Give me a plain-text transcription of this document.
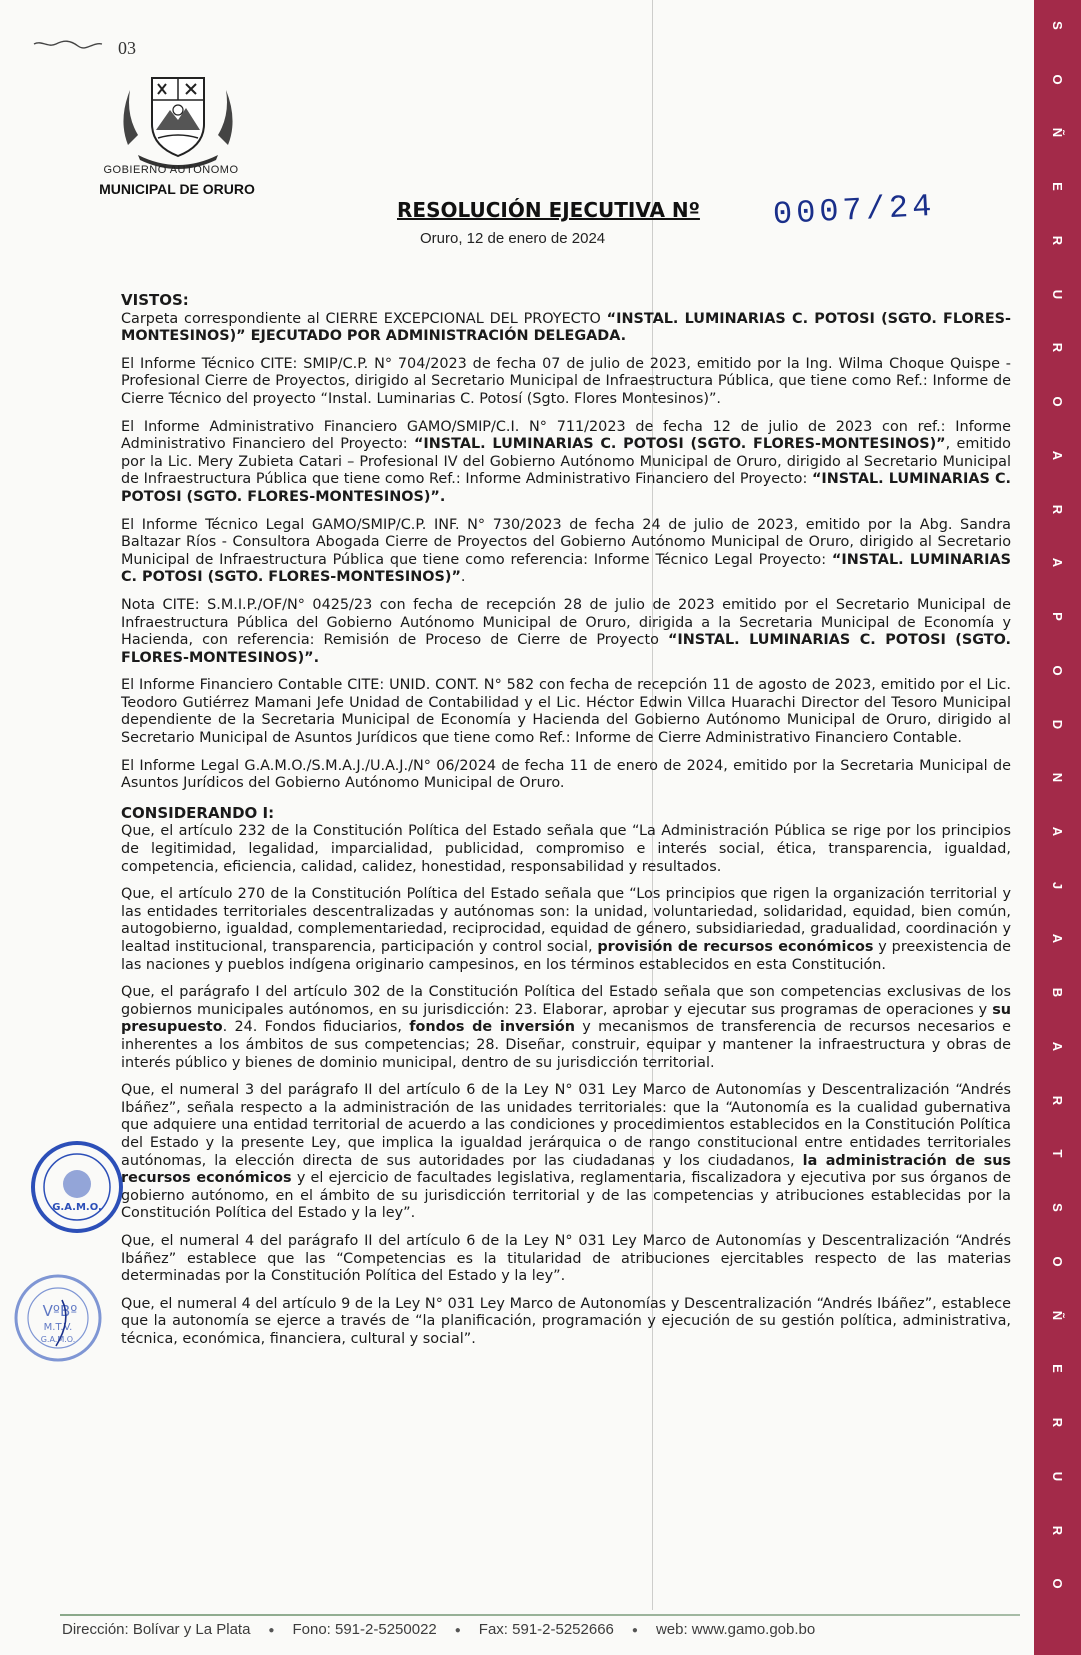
03
GOBIERNO AUTÓNOMO
MUNICIPAL DE ORURO
RESOLUCIÓN EJECUTIVA Nº 0007/24
Oruro, 12 de enero de 2024
VISTOS:

Carpeta correspondiente al CIERRE EXCEPCIONAL DEL PROYECTO “INSTAL. LUMINARIAS C. POTOSI (SGTO. FLORES-MONTESINOS)” EJECUTADO POR ADMINISTRACIÓN DELEGADA.

El Informe Técnico CITE: SMIP/C.P. N° 704/2023 de fecha 07 de julio de 2023, emitido por la Ing. Wilma Choque Quispe - Profesional Cierre de Proyectos, dirigido al Secretario Municipal de Infraestructura Pública, que tiene como Ref.: Informe de Cierre Técnico del proyecto “Instal. Luminarias C. Potosí (Sgto. Flores Montesinos)”.

El Informe Administrativo Financiero GAMO/SMIP/C.I. N° 711/2023 de fecha 12 de julio de 2023 con ref.: Informe Administrativo Financiero del Proyecto: “INSTAL. LUMINARIAS C. POTOSI (SGTO. FLORES-MONTESINOS)”, emitido por la Lic. Mery Zubieta Catari – Profesional IV del Gobierno Autónomo Municipal de Oruro, dirigido al Secretario Municipal de Infraestructura Pública que tiene como Ref.: Informe Administrativo Financiero del Proyecto: “INSTAL. LUMINARIAS C. POTOSI (SGTO. FLORES-MONTESINOS)”.

El Informe Técnico Legal GAMO/SMIP/C.P. INF. N° 730/2023 de fecha 24 de julio de 2023, emitido por la Abg. Sandra Baltazar Ríos - Consultora Abogada Cierre de Proyectos del Gobierno Autónomo Municipal de Oruro, dirigido al Secretario Municipal de Infraestructura Pública que tiene como referencia: Informe Técnico Legal Proyecto: “INSTAL. LUMINARIAS C. POTOSI (SGTO. FLORES-MONTESINOS)”.

Nota CITE: S.M.I.P./OF/N° 0425/23 con fecha de recepción 28 de julio de 2023 emitido por el Secretario Municipal de Infraestructura Pública del Gobierno Autónomo Municipal de Oruro, dirigida a la Secretaria Municipal de Economía y Hacienda, con referencia: Remisión de Proceso de Cierre de Proyecto “INSTAL. LUMINARIAS C. POTOSI (SGTO. FLORES-MONTESINOS)”.

El Informe Financiero Contable CITE: UNID. CONT. N° 582 con fecha de recepción 11 de agosto de 2023, emitido por el Lic. Teodoro Gutiérrez Mamani Jefe Unidad de Contabilidad y el Lic. Héctor Edwin Villca Huarachi Director del Tesoro Municipal dependiente de la Secretaria Municipal de Economía y Hacienda del Gobierno Autónomo Municipal de Oruro, dirigido al Secretario Municipal de Asuntos Jurídicos que tiene como Ref.: Informe de Cierre Administrativo Financiero Contable.

El Informe Legal G.A.M.O./S.M.A.J./U.A.J./N° 06/2024 de fecha 11 de enero de 2024, emitido por la Secretaria Municipal de Asuntos Jurídicos del Gobierno Autónomo Municipal de Oruro.

CONSIDERANDO I:

Que, el artículo 232 de la Constitución Política del Estado señala que “La Administración Pública se rige por los principios de legitimidad, legalidad, imparcialidad, publicidad, compromiso e interés social, ética, transparencia, igualdad, competencia, eficiencia, calidad, calidez, honestidad, responsabilidad y resultados.

Que, el artículo 270 de la Constitución Política del Estado señala que “Los principios que rigen la organización territorial y las entidades territoriales descentralizadas y autónomas son: la unidad, voluntariedad, solidaridad, equidad, bien común, autogobierno, igualdad, complementariedad, reciprocidad, equidad de género, subsidiariedad, gradualidad, coordinación y lealtad institucional, transparencia, participación y control social, provisión de recursos económicos y preexistencia de las naciones y pueblos indígena originario campesinos, en los términos establecidos en esta Constitución.

Que, el parágrafo I del artículo 302 de la Constitución Política del Estado señala que son competencias exclusivas de los gobiernos municipales autónomos, en su jurisdicción: 23. Elaborar, aprobar y ejecutar sus programas de operaciones y su presupuesto. 24. Fondos fiduciarios, fondos de inversión y mecanismos de transferencia de recursos necesarios e inherentes a los ámbitos de sus competencias; 28. Diseñar, construir, equipar y mantener la infraestructura y obras de interés público y bienes de dominio municipal, dentro de su jurisdicción territorial.

Que, el numeral 3 del parágrafo II del artículo 6 de la Ley N° 031 Ley Marco de Autonomías y Descentralización “Andrés Ibáñez”, señala respecto a la administración de las unidades territoriales: que la “Autonomía es la cualidad gubernativa que adquiere una entidad territorial de acuerdo a las condiciones y procedimientos establecidos en la Constitución Política del Estado y la presente Ley, que implica la igualdad jerárquica o de rango constitucional entre entidades territoriales autónomas, la elección directa de sus autoridades por las ciudadanas y los ciudadanos, la administración de sus recursos económicos y el ejercicio de facultades legislativa, reglamentaria, fiscalizadora y ejecutiva por sus órganos de gobierno autónomo, en el ámbito de su jurisdicción territorial y de las competencias y atribuciones establecidas por la Constitución Política del Estado y la ley”.

Que, el numeral 4 del parágrafo II del artículo 6 de la Ley N° 031 Ley Marco de Autonomías y Descentralización “Andrés Ibáñez” establece que las “Competencias es la titularidad de atribuciones ejercitables respecto de las materias determinadas por la Constitución Política del Estado y la ley”.

Que, el numeral 4 del artículo 9 de la Ley N° 031 Ley Marco de Autonomías y Descentralización “Andrés Ibáñez”, establece que la autonomía se ejerce a través de “la planificación, programación y ejecución de su gestión política, administrativa, técnica, económica, financiera, cultural y social”.

G.A.M.O.
VºBº
M.T.V.
G.A.M.O.
S
O
Ñ
E
R
U
R
O
A
R
A
P
O
D
N
A
J
A
B
A
R
T
S
O
Ñ
E
R
U
R
O
Dirección: Bolívar y La Plata ● Fono: 591-2-5250022 ● Fax: 591-2-5252666 ● web: www.gamo.gob.bo
